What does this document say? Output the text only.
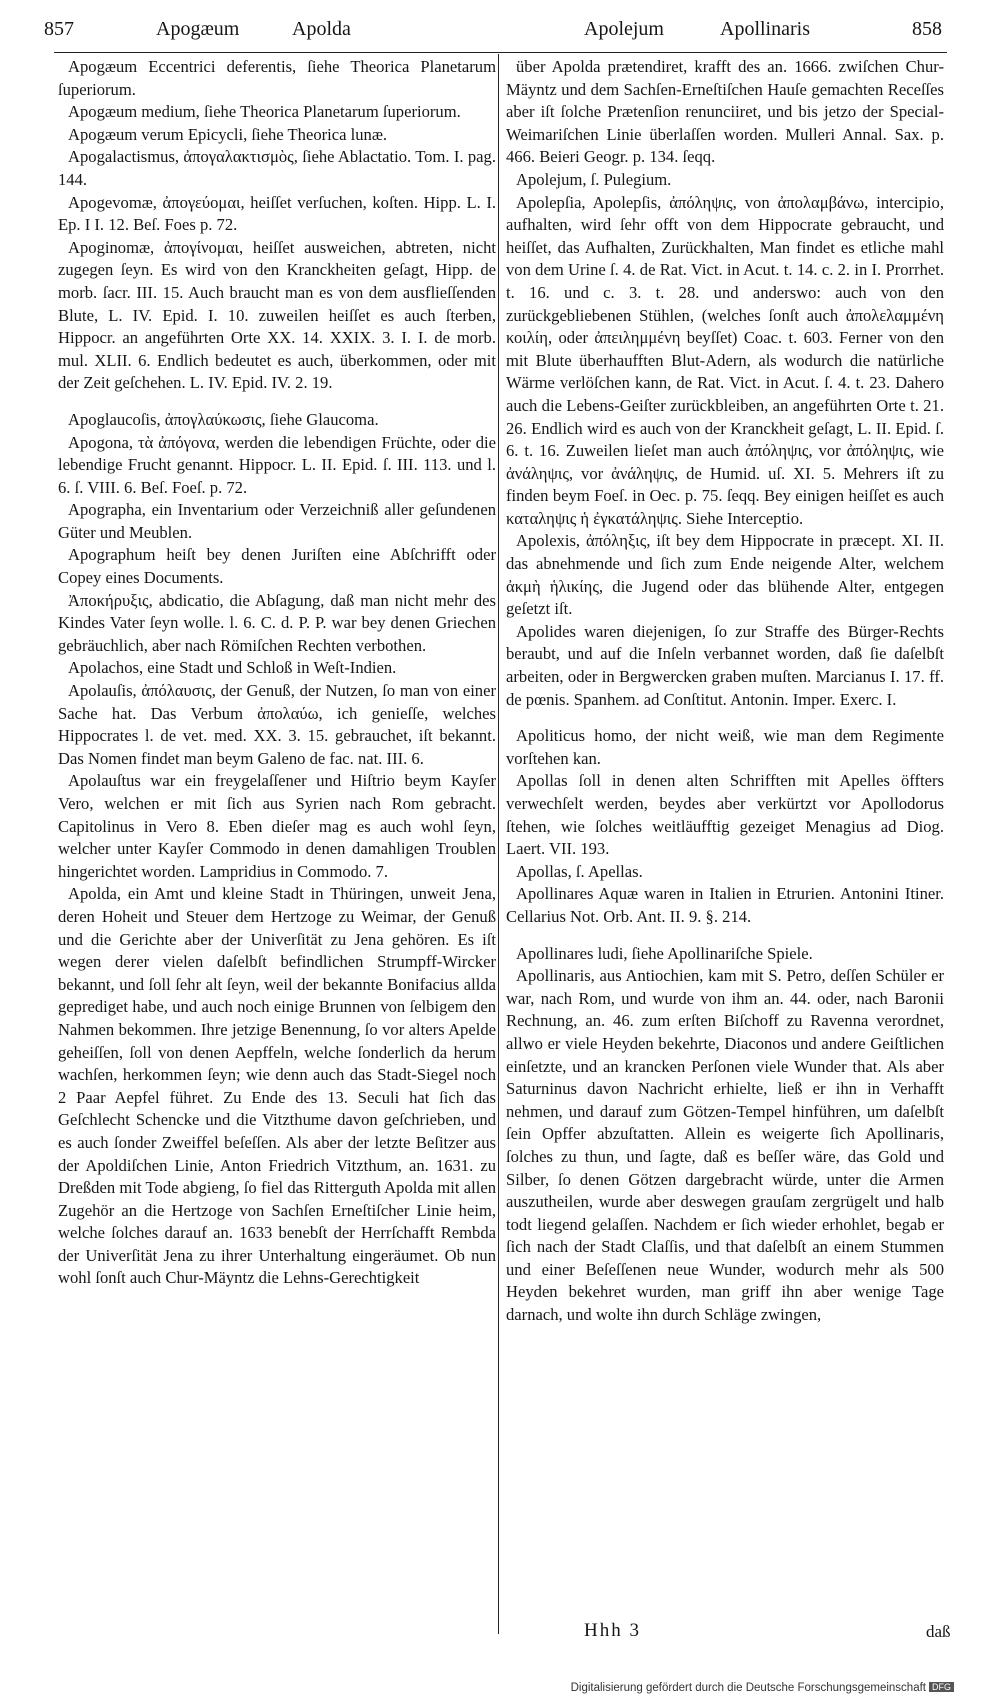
857	Apogæum	Apolda	Apolejum	Apollinaris	858

Apogæum Eccentrici deferentis, ſiehe Theorica Planetarum ſuperiorum.

Apogæum medium, ſiehe Theorica Planetarum ſuperiorum.

Apogæum verum Epicycli, ſiehe Theorica lunæ.

Apogalactismus, ἀπογαλακτισμὸς, ſiehe Ablactatio. Tom. I. pag. 144.

Apogevomæ, ἀπογεύομαι, heiſſet verſuchen, koſten. Hipp. L. I. Ep. I I. 12. Beſ. Foes p. 72.

Apoginomæ, ἀπογίνομαι, heiſſet ausweichen, abtreten, nicht zugegen ſeyn. Es wird von den Kranckheiten geſagt, Hipp. de morb. ſacr. III. 15. Auch braucht man es von dem ausflieſſenden Blute, L. IV. Epid. I. 10. zuweilen heiſſet es auch ſterben, Hippocr. an angeführten Orte XX. 14. XXIX. 3. I. I. de morb. mul. XLII. 6. Endlich bedeutet es auch, überkommen, oder mit der Zeit geſchehen. L. IV. Epid. IV. 2. 19.

Apoglaucoſis, ἀπογλαύκωσις, ſiehe Glaucoma.

Apogona, τὰ ἀπόγονα, werden die lebendigen Früchte, oder die lebendige Frucht genannt. Hippocr. L. II. Epid. ſ. III. 113. und l. 6. ſ. VIII. 6. Beſ. Foeſ. p. 72.

Apographa, ein Inventarium oder Verzeichniß aller geſundenen Güter und Meublen.

Apographum heiſt bey denen Juriſten eine Abſchrifft oder Copey eines Documents.

Ἀποκήρυξις, abdicatio, die Abſagung, daß man nicht mehr des Kindes Vater ſeyn wolle. l. 6. C. d. P. P. war bey denen Griechen gebräuchlich, aber nach Römiſchen Rechten verbothen.

Apolachos, eine Stadt und Schloß in Weſt-Indien.

Apolauſis, ἀπόλαυσις, der Genuß, der Nutzen, ſo man von einer Sache hat. Das Verbum ἀπολαύω, ich genieſſe, welches Hippocrates l. de vet. med. XX. 3. 15. gebrauchet, iſt bekannt. Das Nomen findet man beym Galeno de fac. nat. III. 6.

Apolauſtus war ein freygelaſſener und Hiſtrio beym Kayſer Vero, welchen er mit ſich aus Syrien nach Rom gebracht. Capitolinus in Vero 8. Eben dieſer mag es auch wohl ſeyn, welcher unter Kayſer Commodo in denen damahligen Troublen hingerichtet worden. Lampridius in Commodo. 7.

Apolda, ein Amt und kleine Stadt in Thüringen, unweit Jena, deren Hoheit und Steuer dem Hertzoge zu Weimar, der Genuß und die Gerichte aber der Univerſität zu Jena gehören. Es iſt wegen derer vielen daſelbſt befindlichen Strumpff-Wircker bekannt, und ſoll ſehr alt ſeyn, weil der bekannte Bonifacius allda geprediget habe, und auch noch einige Brunnen von ſelbigem den Nahmen bekommen. Ihre jetzige Benennung, ſo vor alters Apelde geheiſſen, ſoll von denen Aepffeln, welche ſonderlich da herum wachſen, herkommen ſeyn; wie denn auch das Stadt-Siegel noch 2 Paar Aepfel führet. Zu Ende des 13. Seculi hat ſich das Geſchlecht Schencke und die Vitzthume davon geſchrieben, und es auch ſonder Zweiffel beſeſſen. Als aber der letzte Beſitzer aus der Apoldiſchen Linie, Anton Friedrich Vitzthum, an. 1631. zu Dreßden mit Tode abgieng, ſo fiel das Ritterguth Apolda mit allen Zugehör an die Hertzoge von Sachſen Erneſtiſcher Linie heim, welche ſolches darauf an. 1633 benebſt der Herrſchafft Rembda der Univerſität Jena zu ihrer Unterhaltung eingeräumet. Ob nun wohl ſonſt auch Chur-Mäyntz die Lehns-Gerechtigkeit

über Apolda prætendiret, krafft des an. 1666. zwiſchen Chur-Mäyntz und dem Sachſen-Erneſtiſchen Hauſe gemachten Receſſes aber iſt ſolche Prætenſion renunciiret, und bis jetzo der Special-Weimariſchen Linie überlaſſen worden. Mulleri Annal. Sax. p. 466. Beieri Geogr. p. 134. ſeqq.

Apolejum, ſ. Pulegium.

Apolepſia, Apolepſis, ἀπόληψις, von ἀπολαμβάνω, intercipio, aufhalten, wird ſehr offt von dem Hippocrate gebraucht, und heiſſet, das Aufhalten, Zurückhalten, Man findet es etliche mahl von dem Urine ſ. 4. de Rat. Vict. in Acut. t. 14. c. 2. in I. Prorrhet. t. 16. und c. 3. t. 28. und anderswo: auch von den zurückgebliebenen Stühlen, (welches ſonſt auch ἀπολελαμμένη κοιλίη, oder ἀπειλημμένη beyſſet) Coac. t. 603. Ferner von den mit Blute überhaufften Blut-Adern, als wodurch die natürliche Wärme verlöſchen kann, de Rat. Vict. in Acut. ſ. 4. t. 23. Dahero auch die Lebens-Geiſter zurückbleiben, an angeführten Orte t. 21. 26. Endlich wird es auch von der Kranckheit geſagt, L. II. Epid. ſ. 6. t. 16. Zuweilen lieſet man auch ἀπόληψις, vor ἀπόληψις, wie ἀνάληψις, vor ἀνάληψις, de Humid. uſ. XI. 5. Mehrers iſt zu finden beym Foeſ. in Oec. p. 75. ſeqq. Bey einigen heiſſet es auch καταληψις ἡ ἐγκατάληψις. Siehe Interceptio.

Apolexis, ἀπόληξις, iſt bey dem Hippocrate in præcept. XI. II. das abnehmende und ſich zum Ende neigende Alter, welchem ἀκμὴ ἡλικίης, die Jugend oder das blühende Alter, entgegen geſetzt iſt.

Apolides waren diejenigen, ſo zur Straffe des Bürger-Rechts beraubt, und auf die Inſeln verbannet worden, daß ſie daſelbſt arbeiten, oder in Bergwercken graben muſten. Marcianus I. 17. ff. de pœnis. Spanhem. ad Conſtitut. Antonin. Imper. Exerc. I.

Apoliticus homo, der nicht weiß, wie man dem Regimente vorſtehen kan.

Apollas ſoll in denen alten Schrifften mit Apelles öffters verwechſelt werden, beydes aber verkürtzt vor Apollodorus ſtehen, wie ſolches weitläufftig gezeiget Menagius ad Diog. Laert. VII. 193.

Apollas, ſ. Apellas.

Apollinares Aquæ waren in Italien in Etrurien. Antonini Itiner. Cellarius Not. Orb. Ant. II. 9. §. 214.

Apollinares ludi, ſiehe Apollinariſche Spiele.

Apollinaris, aus Antiochien, kam mit S. Petro, deſſen Schüler er war, nach Rom, und wurde von ihm an. 44. oder, nach Baronii Rechnung, an. 46. zum erſten Biſchoff zu Ravenna verordnet, allwo er viele Heyden bekehrte, Diaconos und andere Geiſtlichen einſetzte, und an krancken Perſonen viele Wunder that. Als aber Saturninus davon Nachricht erhielte, ließ er ihn in Verhafft nehmen, und darauf zum Götzen-Tempel hinführen, um daſelbſt ſein Opffer abzuſtatten. Allein es weigerte ſich Apollinaris, ſolches zu thun, und ſagte, daß es beſſer wäre, das Gold und Silber, ſo denen Götzen dargebracht würde, unter die Armen auszutheilen, wurde aber deswegen grauſam zergrügelt und halb todt liegend gelaſſen. Nachdem er ſich wieder erhohlet, begab er ſich nach der Stadt Claſſis, und that daſelbſt an einem Stummen und einer Beſeſſenen neue Wunder, wodurch mehr als 500 Heyden bekehret wurden, man griff ihn aber wenige Tage darnach, und wolte ihn durch Schläge zwingen,

Hhh 3	daß
Digitalisierung gefördert durch die Deutsche Forschungsgemeinschaft DFG
